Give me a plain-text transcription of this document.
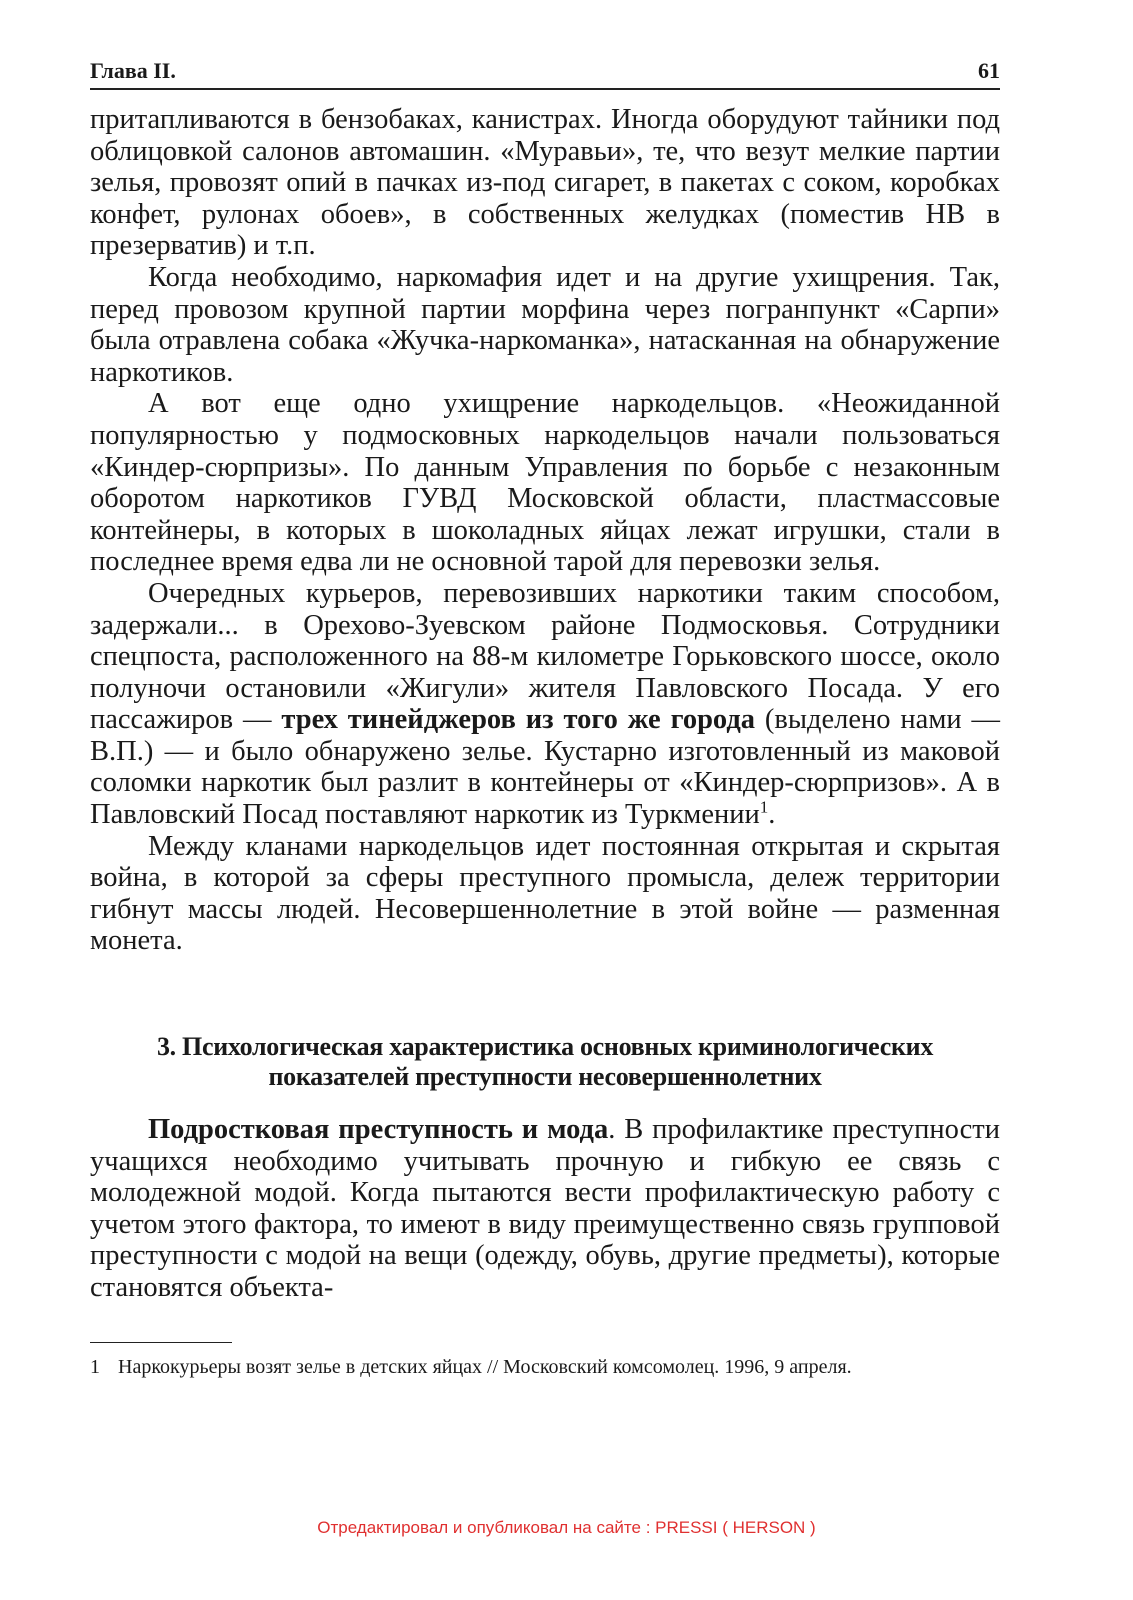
Глава II.	61

притапливаются в бензобаках, канистрах. Иногда оборудуют тайники под облицовкой салонов автомашин. «Муравьи», те, что везут мелкие партии зелья, провозят опий в пачках из-под сигарет, в пакетах с соком, коробках конфет, рулонах обоев», в собственных желудках (поместив НВ в презерватив) и т.п.

Когда необходимо, наркомафия идет и на другие ухищрения. Так, перед провозом крупной партии морфина через погранпункт «Сарпи» была отравлена собака «Жучка-наркоманка», натасканная на обнаружение наркотиков.

А вот еще одно ухищрение наркодельцов. «Неожиданной популярностью у подмосковных наркодельцов начали пользоваться «Киндер-сюрпризы». По данным Управления по борьбе с незаконным оборотом наркотиков ГУВД Московской области, пластмассовые контейнеры, в которых в шоколадных яйцах лежат игрушки, стали в последнее время едва ли не основной тарой для перевозки зелья.

Очередных курьеров, перевозивших наркотики таким способом, задержали... в Орехово-Зуевском районе Подмосковья. Сотрудники спецпоста, расположенного на 88-м километре Горьковского шоссе, около полуночи остановили «Жигули» жителя Павловского Посада. У его пассажиров — трех тинейджеров из того же города (выделено нами — В.П.) — и было обнаружено зелье. Кустарно изготовленный из маковой соломки наркотик был разлит в контейнеры от «Киндер-сюрпризов». А в Павловский Посад поставляют наркотик из Туркмении$^1$.

Между кланами наркодельцов идет постоянная открытая и скрытая война, в которой за сферы преступного промысла, дележ территории гибнут массы людей. Несовершеннолетние в этой войне — разменная монета.

3. Психологическая характеристика основных криминологических
показателей преступности несовершеннолетних

Подростковая преступность и мода. В профилактике преступности учащихся необходимо учитывать прочную и гибкую ее связь с молодежной модой. Когда пытаются вести профилактическую работу с учетом этого фактора, то имеют в виду преимущественно связь групповой преступности с модой на вещи (одежду, обувь, другие предметы), которые становятся объекта-

1 Наркокурьеры возят зелье в детских яйцах // Московский комсомолец. 1996, 9 апреля.
Отредактировал и опубликовал на сайте : PRESSI ( HERSON )
